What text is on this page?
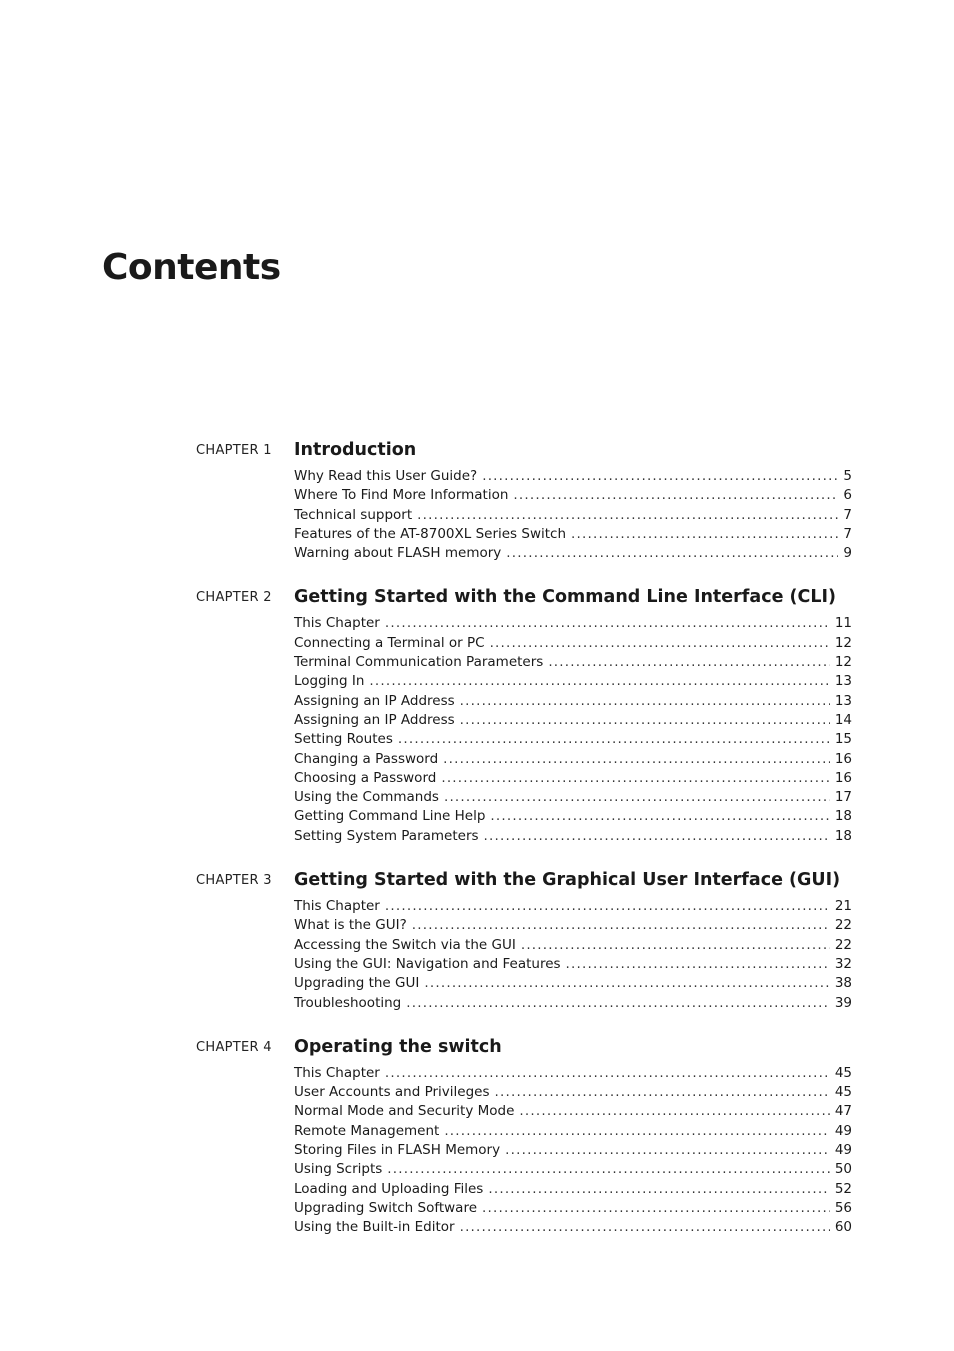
Contents
CHAPTER 1 Introduction
Why Read this User Guide? .....	5
Where To Find More Information .....	6
Technical support .....	7
Features of the AT-8700XL Series Switch .....	7
Warning about FLASH memory .....	9
CHAPTER 2 Getting Started with the Command Line Interface (CLI)
This Chapter .....	11
Connecting a Terminal or PC .....	12
Terminal Communication Parameters .....	12
Logging In .....	13
Assigning an IP Address .....	13
Assigning an IP Address .....	14
Setting Routes .....	15
Changing a Password .....	16
Choosing a Password .....	16
Using the Commands .....	17
Getting Command Line Help .....	18
Setting System Parameters .....	18
CHAPTER 3 Getting Started with the Graphical User Interface (GUI)
This Chapter .....	21
What is the GUI? .....	22
Accessing the Switch via the GUI .....	22
Using the GUI: Navigation and Features .....	32
Upgrading the GUI .....	38
Troubleshooting .....	39
CHAPTER 4 Operating the switch
This Chapter .....	45
User Accounts and Privileges .....	45
Normal Mode and Security Mode .....	47
Remote Management .....	49
Storing Files in FLASH Memory .....	49
Using Scripts .....	50
Loading and Uploading Files .....	52
Upgrading Switch Software .....	56
Using the Built-in Editor .....	60
